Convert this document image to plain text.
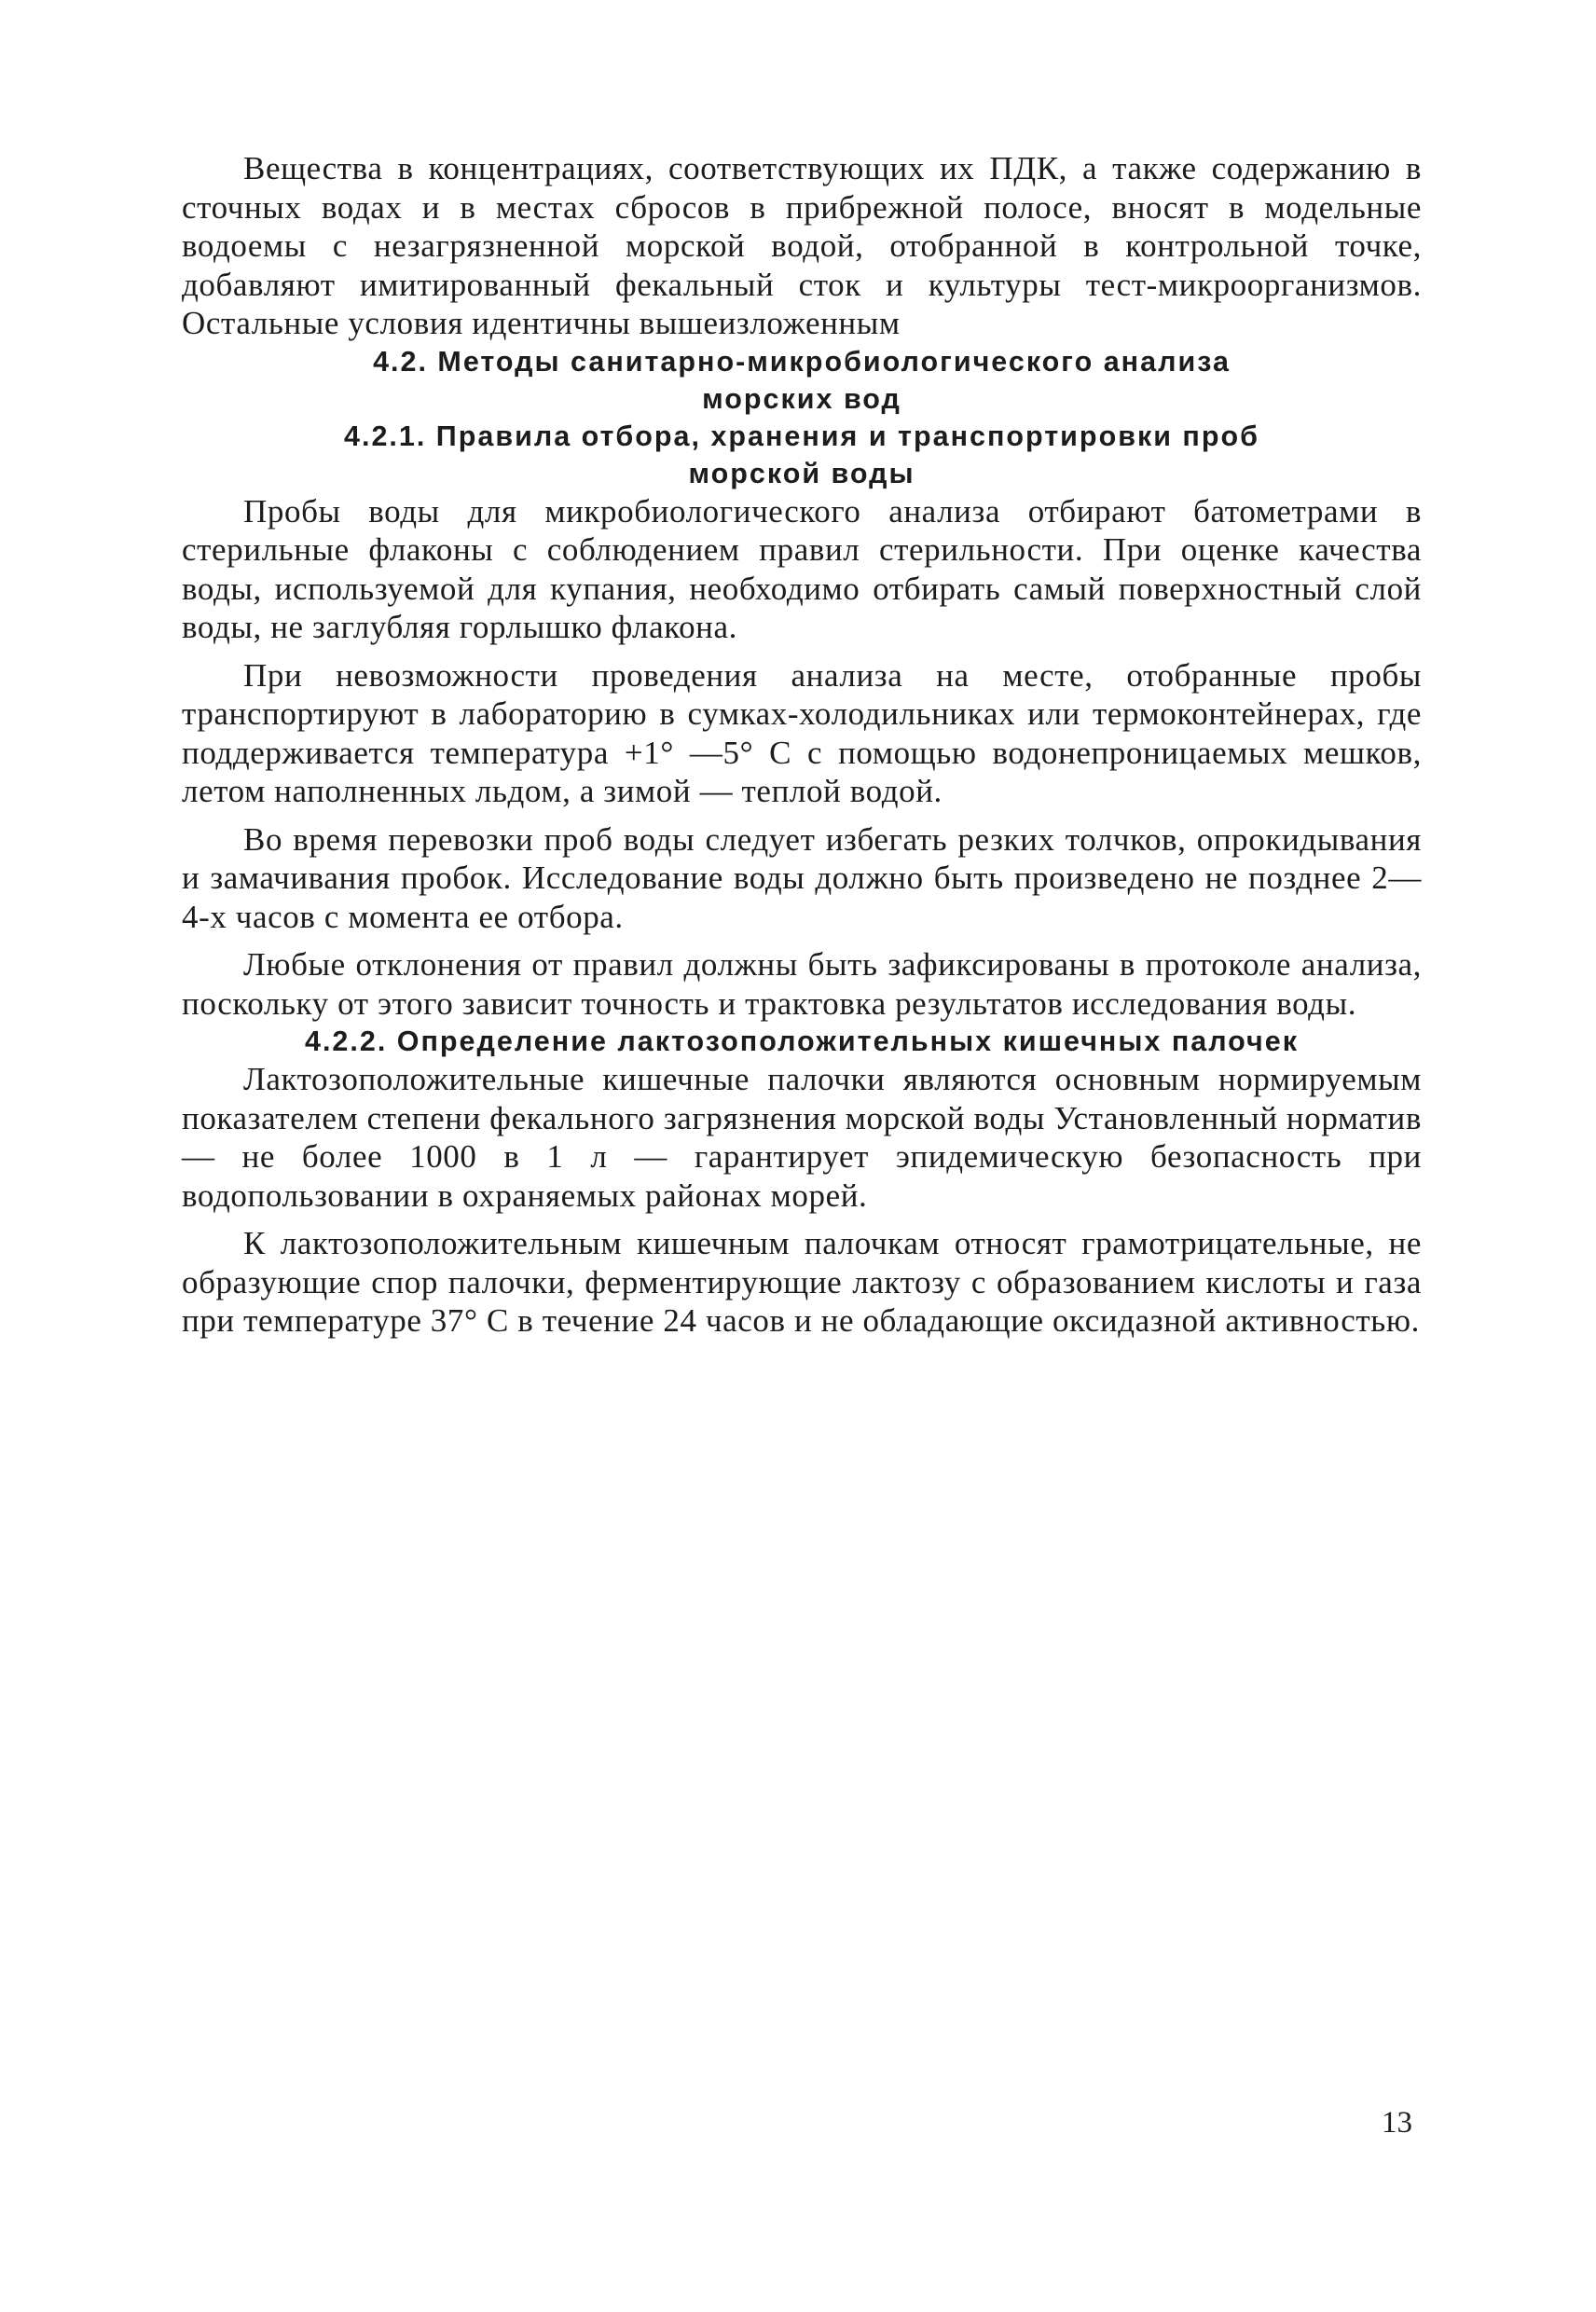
Вещества в концентрациях, соответствующих их ПДК, а также содержанию в сточных водах и в местах сбросов в прибрежной полосе, вносят в модельные водоемы с незагрязненной морской водой, отобранной в контрольной точке, добавляют имитированный фекальный сток и культуры тест-микроорганизмов. Остальные условия идентичны вышеизложенным

4.2. Методы санитарно-микробиологического анализа
морских вод
4.2.1. Правила отбора, хранения и транспортировки проб
морской воды

Пробы воды для микробиологического анализа отбирают батометрами в стерильные флаконы с соблюдением правил стерильности. При оценке качества воды, используемой для купания, необходимо отбирать самый поверхностный слой воды, не заглубляя горлышко флакона.

При невозможности проведения анализа на месте, отобранные пробы транспортируют в лабораторию в сумках-холодильниках или термоконтейнерах, где поддерживается температура +1° —5° С с помощью водонепроницаемых мешков, летом наполненных льдом, а зимой — теплой водой.

Во время перевозки проб воды следует избегать резких толчков, опрокидывания и замачивания пробок. Исследование воды должно быть произведено не позднее 2—4-х часов с момента ее отбора.

Любые отклонения от правил должны быть зафиксированы в протоколе анализа, поскольку от этого зависит точность и трактовка результатов исследования воды.

4.2.2. Определение лактозоположительных кишечных палочек

Лактозоположительные кишечные палочки являются основным нормируемым показателем степени фекального загрязнения морской воды Установленный норматив — не более 1000 в 1 л — гарантирует эпидемическую безопасность при водопользовании в охраняемых районах морей.

К лактозоположительным кишечным палочкам относят грамотрицательные, не образующие спор палочки, ферментирующие лактозу с образованием кислоты и газа при температуре 37° С в течение 24 часов и не обладающие оксидазной активностью.

13
